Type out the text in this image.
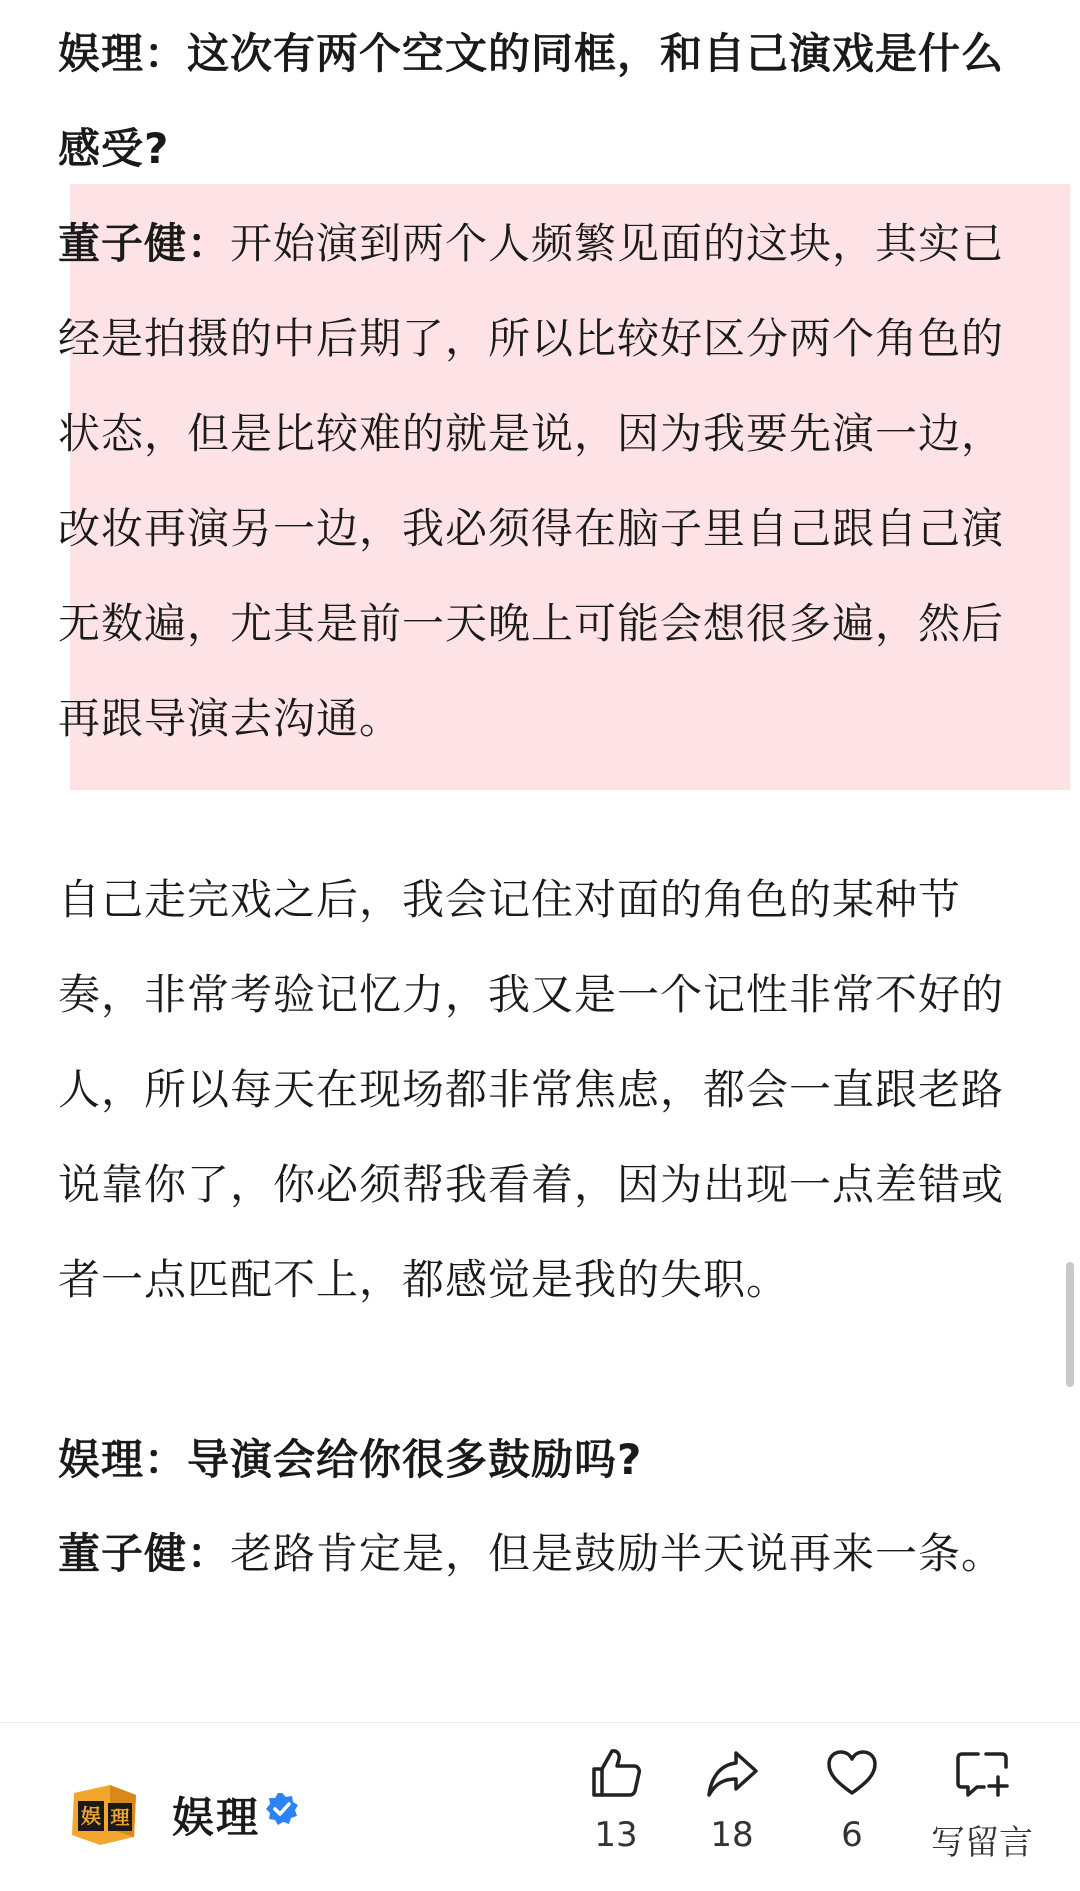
娱理：这次有两个空文的同框，和自己演戏是什么感受?

董子健：开始演到两个人频繁见面的这块，其实已经是拍摄的中后期了，所以比较好区分两个角色的状态，但是比较难的就是说，因为我要先演一边，改妆再演另一边，我必须得在脑子里自己跟自己演无数遍，尤其是前一天晚上可能会想很多遍，然后再跟导演去沟通。

自己走完戏之后，我会记住对面的角色的某种节奏，非常考验记忆力，我又是一个记性非常不好的人，所以每天在现场都非常焦虑，都会一直跟老路说靠你了，你必须帮我看着，因为出现一点差错或者一点匹配不上，都感觉是我的失职。

娱理：导演会给你很多鼓励吗?

董子健：老路肯定是，但是鼓励半天说再来一条。

娱 理 娱理	13	18	6	写留言
